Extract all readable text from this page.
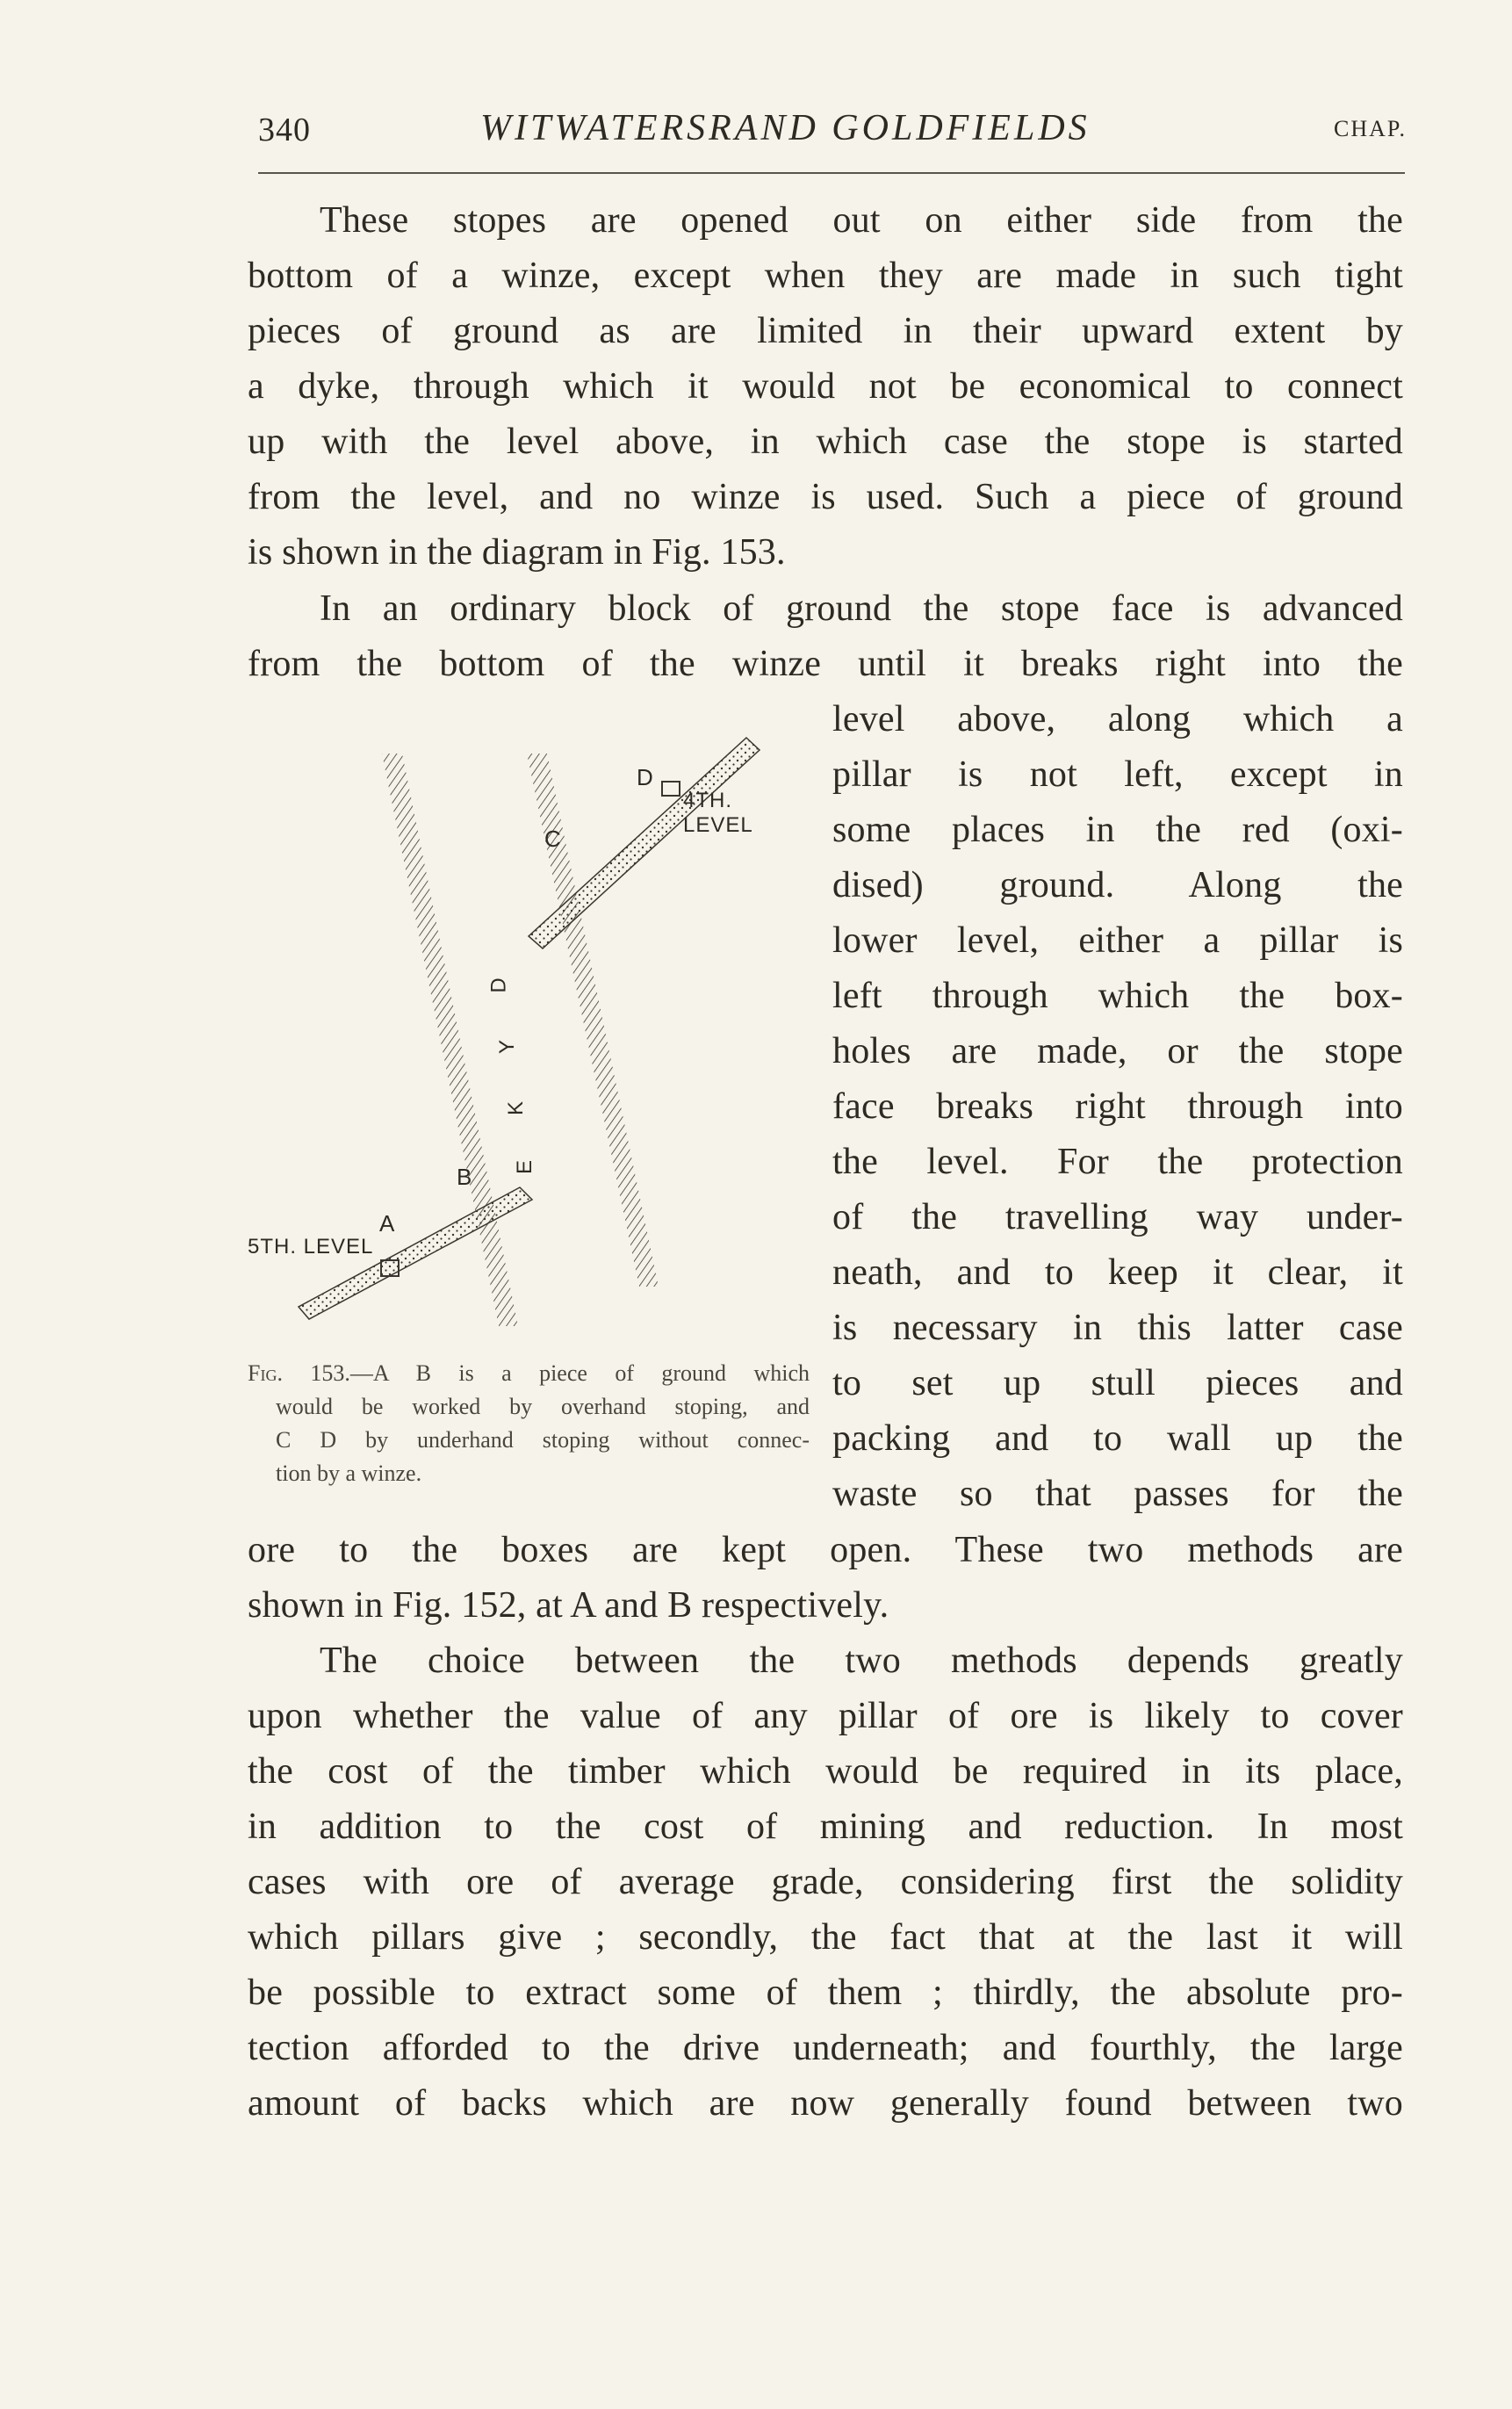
340	WITWATERSRAND GOLDFIELDS	CHAP.
These stopes are opened out on either side from the
bottom of a winze, except when they are made in such tight
pieces of ground as are limited in their upward extent by
a dyke, through which it would not be economical to connect
up with the level above, in which case the stope is started
from the level, and no winze is used. Such a piece of ground
is shown in the diagram in Fig. 153.
In an ordinary block of ground the stope face is advanced
from the bottom of the winze until it breaks right into the
level above, along which a
pillar is not left, except in
some places in the red (oxi-
dised) ground. Along the
lower level, either a pillar is
left through which the box-
holes are made, or the stope
face breaks right through into
the level. For the protection
of the travelling way under-
neath, and to keep it clear, it
is necessary in this latter case
to set up stull pieces and
packing and to wall up the
waste so that passes for the
4TH. LEVEL
5TH. LEVEL
D
C
B
A
D
Y
K
E
Fig. 153.—A B is a piece of ground which
would be worked by overhand stoping, and
C D by underhand stoping without connec-
tion by a winze.
ore to the boxes are kept open. These two methods are
shown in Fig. 152, at A and B respectively.
The choice between the two methods depends greatly
upon whether the value of any pillar of ore is likely to cover
the cost of the timber which would be required in its place,
in addition to the cost of mining and reduction. In most
cases with ore of average grade, considering first the solidity
which pillars give ; secondly, the fact that at the last it will
be possible to extract some of them ; thirdly, the absolute pro-
tection afforded to the drive underneath; and fourthly, the large
amount of backs which are now generally found between two
